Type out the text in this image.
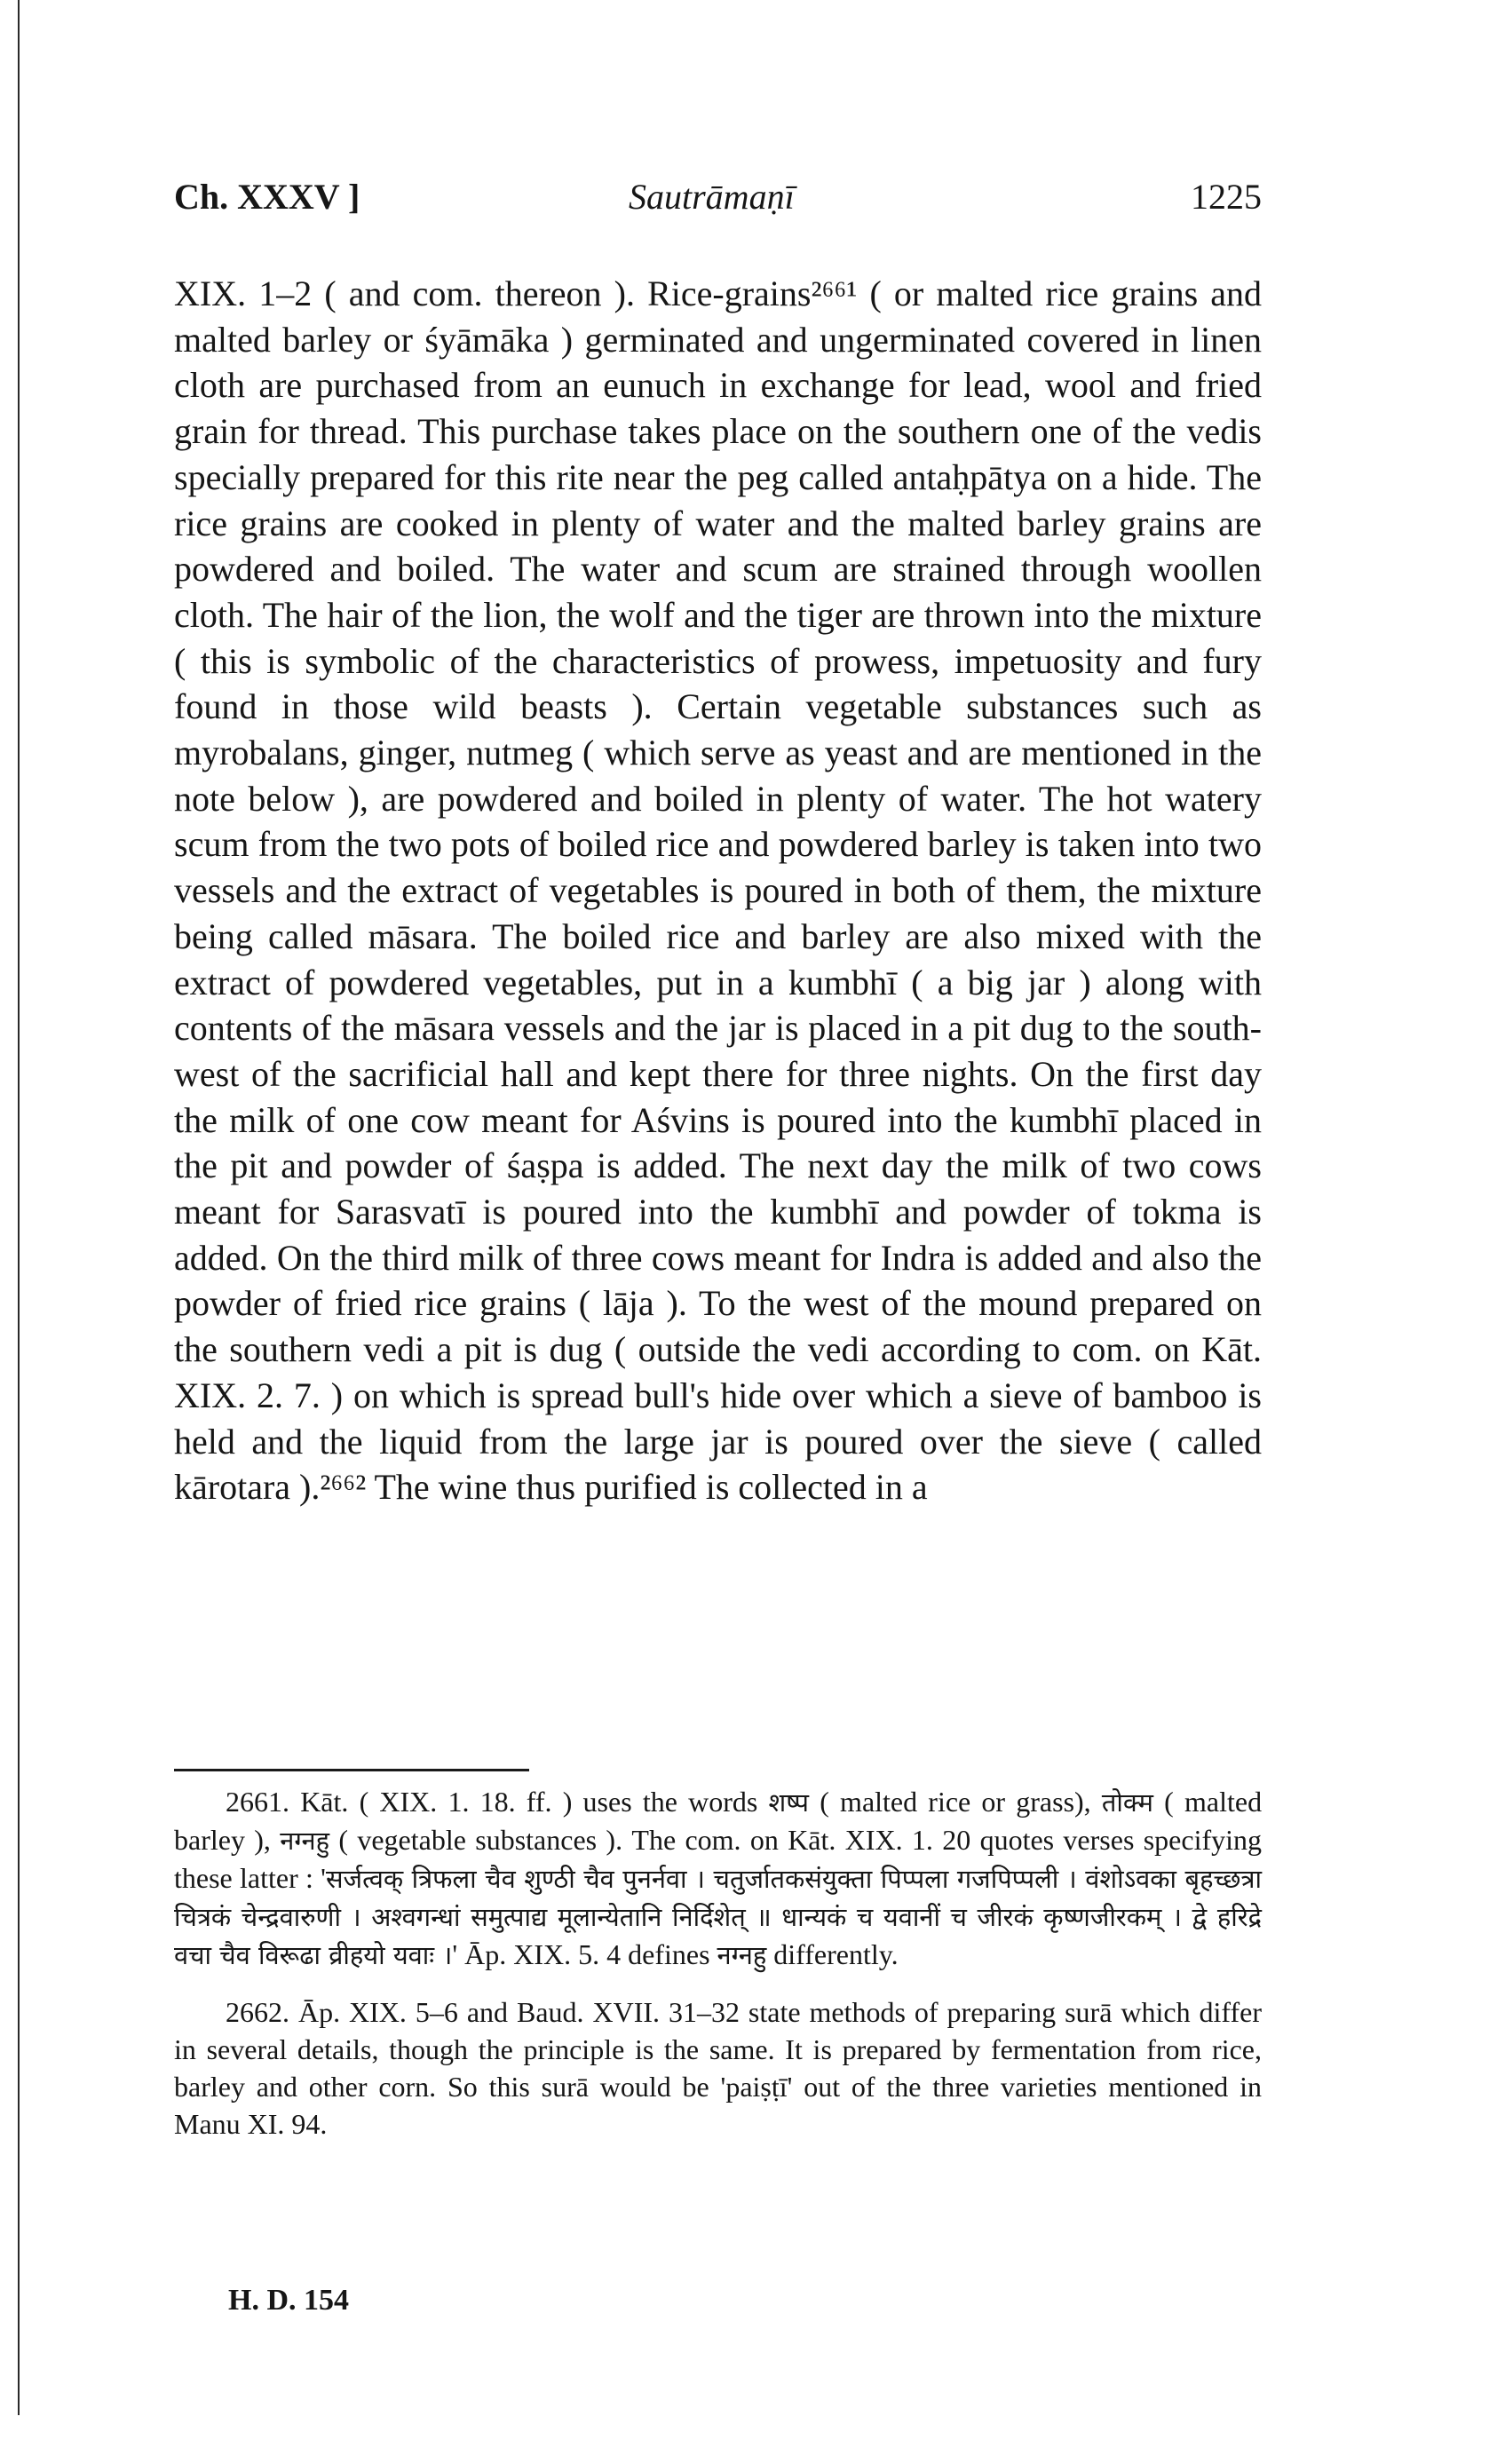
Ch. XXXV ]	Sautrāmaṇī	1225

XIX. 1–2 ( and com. thereon ). Rice-grains²⁶⁶¹ ( or malted rice grains and malted barley or śyāmāka ) germinated and ungerminated covered in linen cloth are purchased from an eunuch in exchange for lead, wool and fried grain for thread. This purchase takes place on the southern one of the vedis specially prepared for this rite near the peg called antaḥpātya on a hide. The rice grains are cooked in plenty of water and the malted barley grains are powdered and boiled. The water and scum are strained through woollen cloth. The hair of the lion, the wolf and the tiger are thrown into the mixture ( this is symbolic of the characteristics of prowess, impetuosity and fury found in those wild beasts ). Certain vegetable substances such as myrobalans, ginger, nutmeg ( which serve as yeast and are mentioned in the note below ), are powdered and boiled in plenty of water. The hot watery scum from the two pots of boiled rice and powdered barley is taken into two vessels and the extract of vegetables is poured in both of them, the mixture being called māsara. The boiled rice and barley are also mixed with the extract of powdered vegetables, put in a kumbhī ( a big jar ) along with contents of the māsara vessels and the jar is placed in a pit dug to the south-west of the sacrificial hall and kept there for three nights. On the first day the milk of one cow meant for Aśvins is poured into the kumbhī placed in the pit and powder of śaṣpa is added. The next day the milk of two cows meant for Sarasvatī is poured into the kumbhī and powder of tokma is added. On the third milk of three cows meant for Indra is added and also the powder of fried rice grains ( lāja ). To the west of the mound prepared on the southern vedi a pit is dug ( outside the vedi according to com. on Kāt. XIX. 2. 7. ) on which is spread bull's hide over which a sieve of bamboo is held and the liquid from the large jar is poured over the sieve ( called kārotara ).²⁶⁶² The wine thus purified is collected in a

2661. Kāt. ( XIX. 1. 18. ff. ) uses the words शष्प ( malted rice or grass), तोक्म ( malted barley ), नग्नहु ( vegetable substances ). The com. on Kāt. XIX. 1. 20 quotes verses specifying these latter : 'सर्जत्वक् त्रिफला चैव शुण्ठी चैव पुनर्नवा । चतुर्जातकसंयुक्ता पिप्पला गजपिप्पली । वंशोऽवका बृहच्छत्रा चित्रकं चेन्द्रवारुणी । अश्वगन्धां समुत्पाद्य मूलान्येतानि निर्दिशेत् ॥ धान्यकं च यवानीं च जीरकं कृष्णजीरकम् । द्वे हरिद्रे वचा चैव विरूढा व्रीहयो यवाः ।' Āp. XIX. 5. 4 defines नग्नहु differently.

2662. Āp. XIX. 5–6 and Baud. XVII. 31–32 state methods of preparing surā which differ in several details, though the principle is the same. It is prepared by fermentation from rice, barley and other corn. So this surā would be 'paiṣṭī' out of the three varieties mentioned in Manu XI. 94.

H. D. 154
